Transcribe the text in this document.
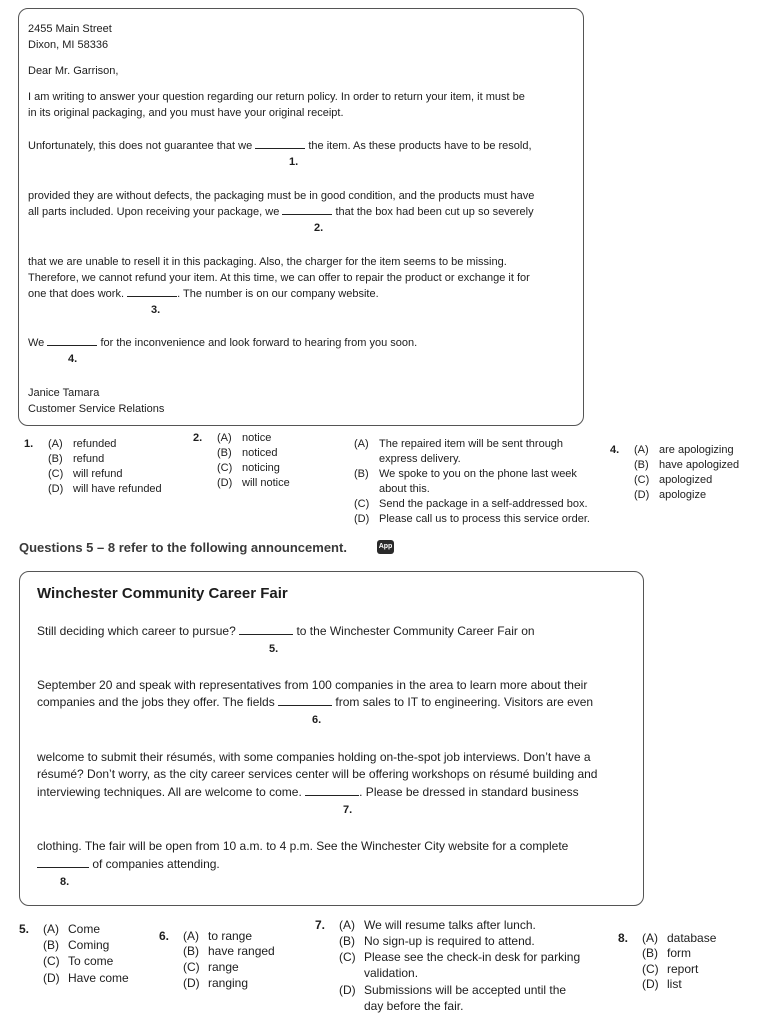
2455 Main Street
Dixon, MI 58336
Dear Mr. Garrison,
I am writing to answer your question regarding our return policy. In order to return your item, it must be
in its original packaging, and you must have your original receipt.
Unfortunately, this does not guarantee that we	the item. As these products have to be resold,
1.
provided they are without defects, the packaging must be in good condition, and the products must have
all parts included. Upon receiving your package, we	that the box had been cut up so severely
2.
that we are unable to resell it in this packaging. Also, the charger for the item seems to be missing.
Therefore, we cannot refund your item. At this time, we can offer to repair the product or exchange it for
one that does work.	. The number is on our company website.
3.
We	for the inconvenience and look forward to hearing from you soon.
4.
Janice Tamara
Customer Service Relations
1. (A) refunded
(B) refund
(C) will refund
(D) will have refunded
2. (A) notice
(B) noticed
(C) noticing
(D) will notice
(A) The repaired item will be sent through
express delivery.
(B) We spoke to you on the phone last week
about this.
(C) Send the package in a self-addressed box.
(D) Please call us to process this service order.
4. (A) are apologizing
(B) have apologized
(C) apologized
(D) apologize
Questions 5 – 8 refer to the following announcement.	App
Winchester Community Career Fair
Still deciding which career to pursue?	to the Winchester Community Career Fair on
5.
September 20 and speak with representatives from 100 companies in the area to learn more about their
companies and the jobs they offer. The fields	from sales to IT to engineering. Visitors are even
6.
welcome to submit their résumés, with some companies holding on-the-spot job interviews. Don’t have a
résumé? Don’t worry, as the city career services center will be offering workshops on résumé building and
interviewing techniques. All are welcome to come.	. Please be dressed in standard business
7.
clothing. The fair will be open from 10 a.m. to 4 p.m. See the Winchester City website for a complete
of companies attending.
8.
5. (A) Come
(B) Coming
(C) To come
(D) Have come
6. (A) to range
(B) have ranged
(C) range
(D) ranging
7. (A) We will resume talks after lunch.
(B) No sign-up is required to attend.
(C) Please see the check-in desk for parking
validation.
(D) Submissions will be accepted until the
day before the fair.
8. (A) database
(B) form
(C) report
(D) list
